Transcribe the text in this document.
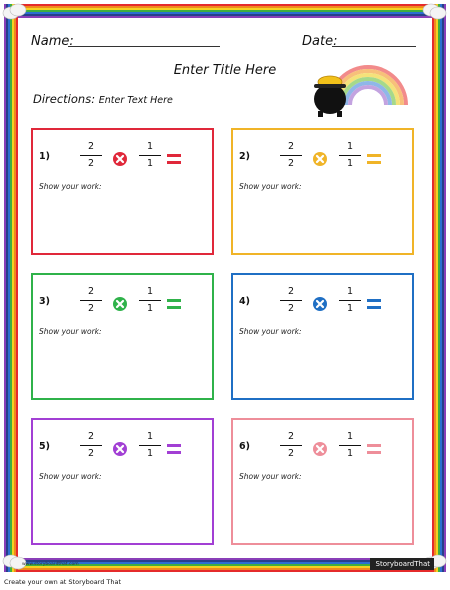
Name:	Date:
Enter Title Here
Directions: Enter Text Here
1)
2
2
1
1
Show your work:
2)
2
2
1
1
Show your work:
3)
2
2
1
1
Show your work:
4)
2
2
1
1
Show your work:
5)
2
2
1
1
Show your work:
6)
2
2
1
1
Show your work:
www.storyboardthat.com	StoryboardThat
Create your own at Storyboard That
